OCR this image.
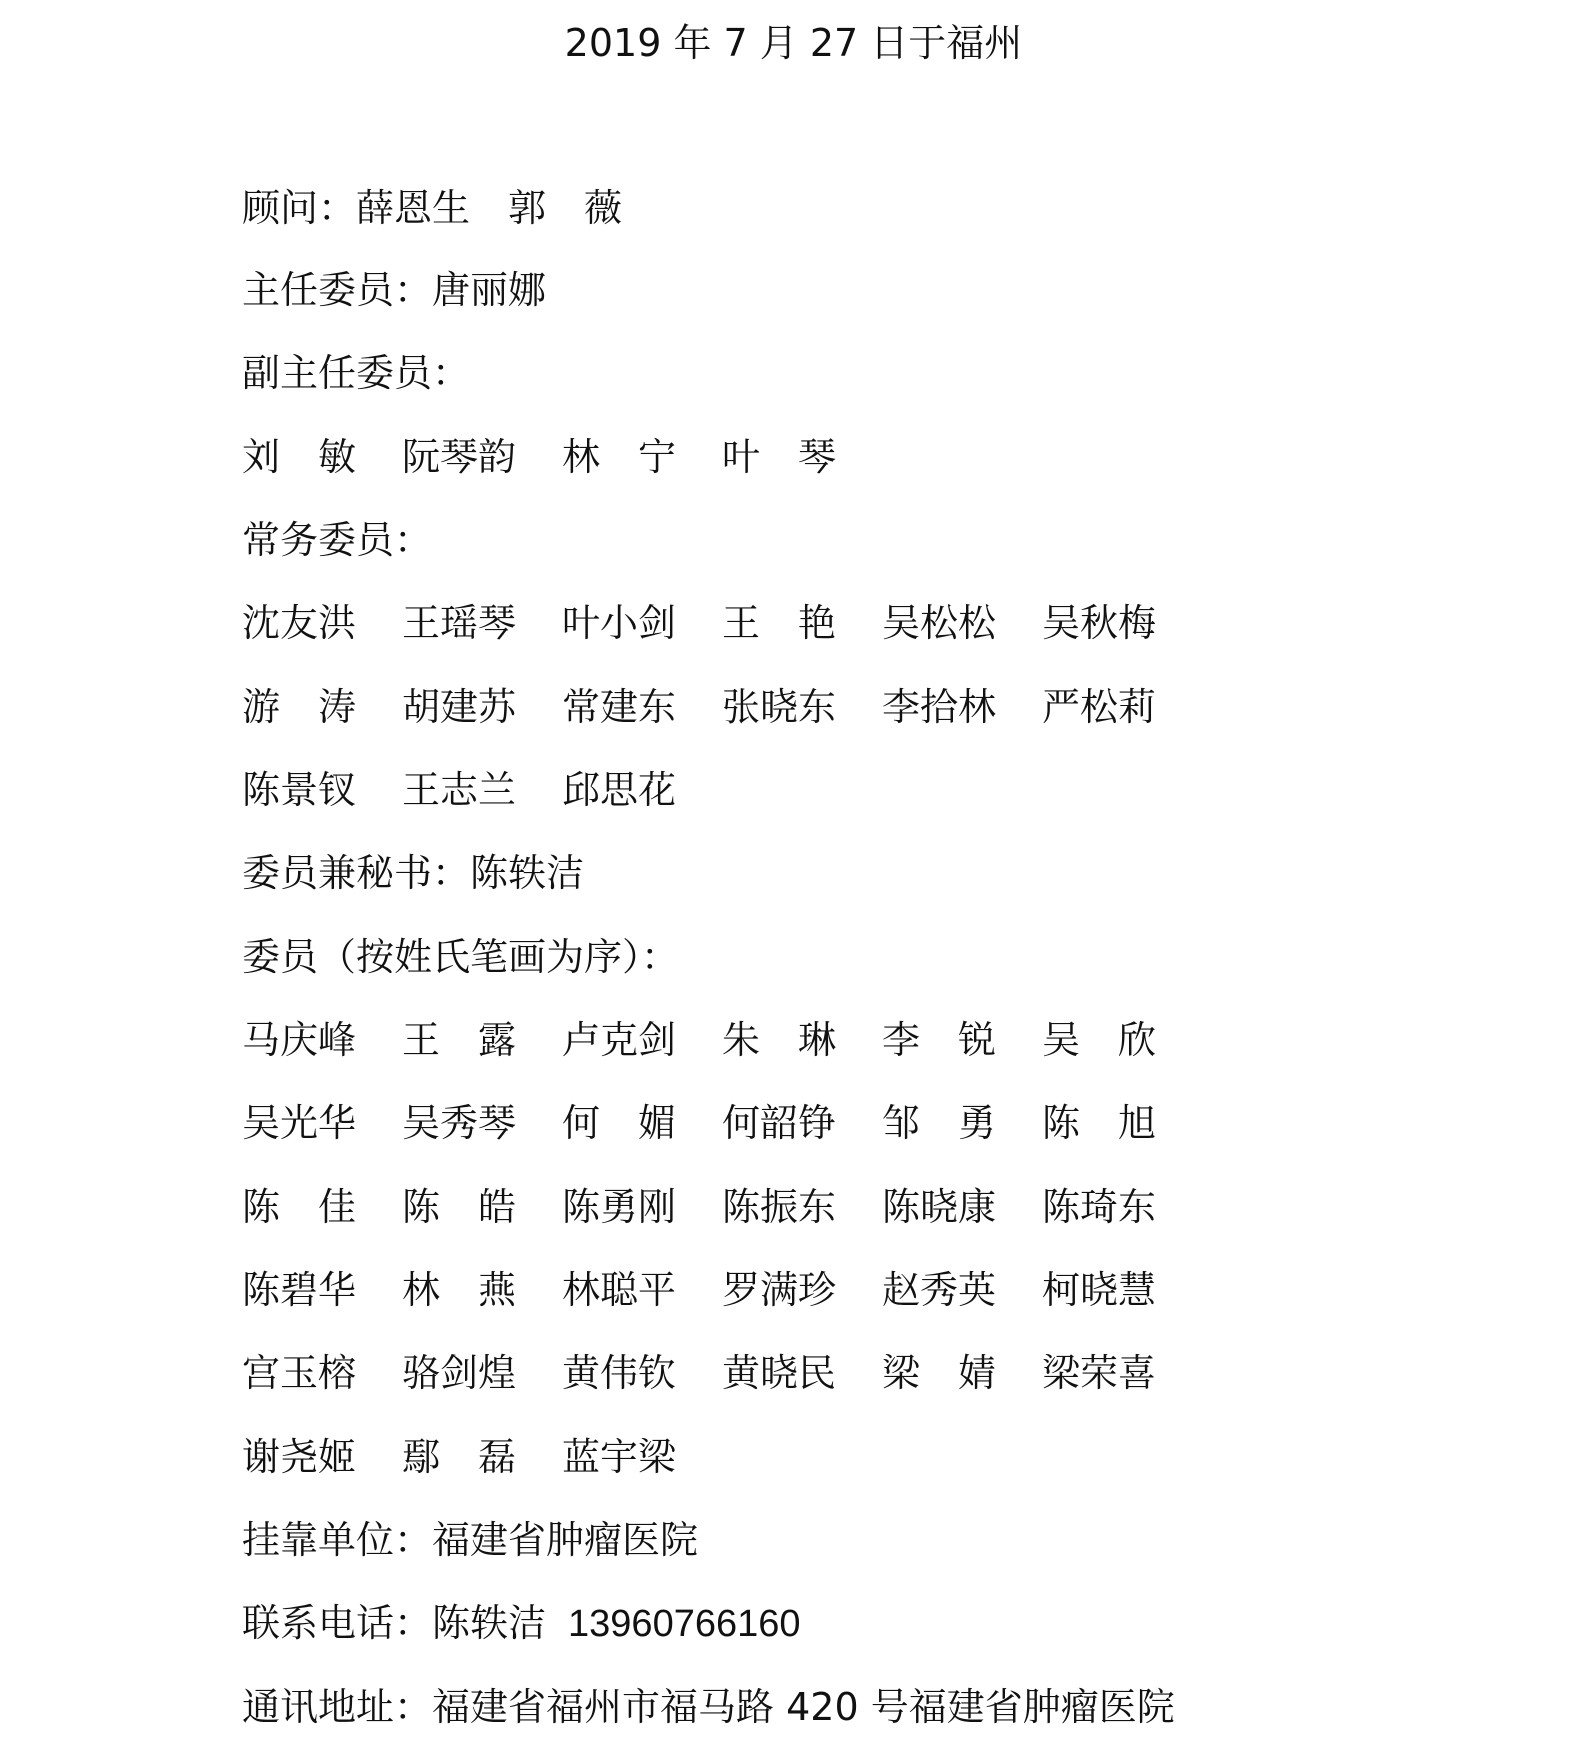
2019 年 7 月 27 日于福州
顾问：薛恩生　郭　薇
主任委员：唐丽娜
副主任委员：
刘　敏 阮琴韵 林　宁 叶　琴
常务委员：
沈友洪 王瑶琴 叶小剑 王　艳 吴松松 吴秋梅
游　涛 胡建苏 常建东 张晓东 李拾林 严松莉
陈景钗 王志兰 邱思花
委员兼秘书：陈轶洁
委员（按姓氏笔画为序）：
马庆峰 王　露 卢克剑 朱　琳 李　锐 吴　欣
吴光华 吴秀琴 何　媚 何韶铮 邹　勇 陈　旭
陈　佳 陈　皓 陈勇刚 陈振东 陈晓康 陈琦东
陈碧华 林　燕 林聪平 罗满珍 赵秀英 柯晓慧
宫玉榕 骆剑煌 黄伟钦 黄晓民 梁　婧 梁荣喜
谢尧姬 鄢　磊 蓝宇梁
挂靠单位：福建省肿瘤医院
联系电话：陈轶洁 13960766160
通讯地址：福建省福州市福马路 420 号福建省肿瘤医院
